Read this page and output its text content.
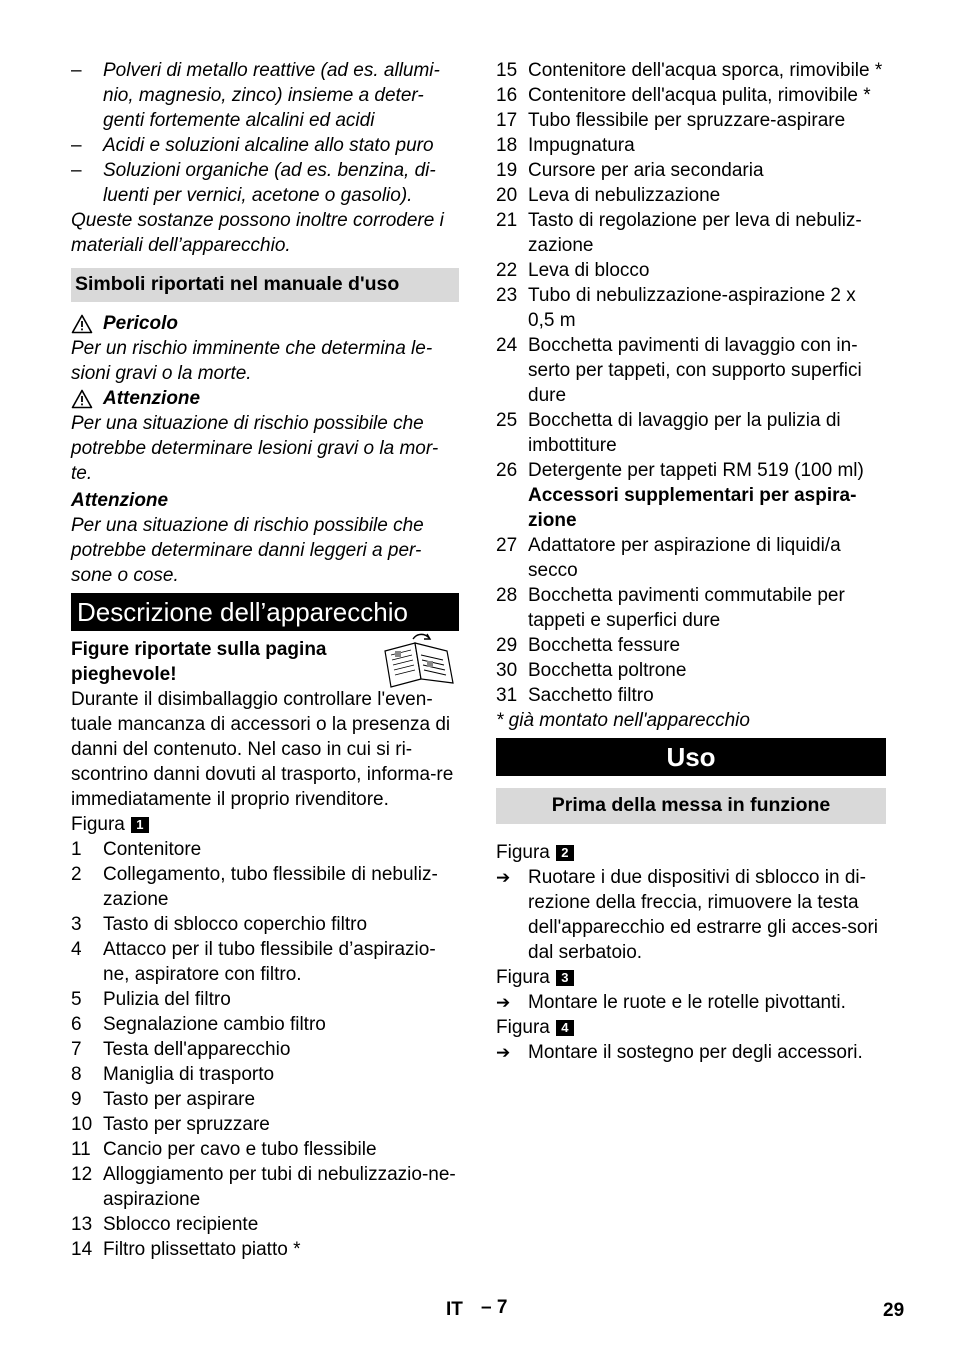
–	Polveri di metallo reattive (ad es. allumi-nio, magnesio, zinco) insieme a deter-genti fortemente alcalini ed acidi
–	Acidi e soluzioni alcaline allo stato puro
–	Soluzioni organiche (ad es. benzina, di-luenti per vernici, acetone o gasolio).

Queste sostanze possono inoltre corrodere i materiali dell’apparecchio.

Simboli riportati nel manuale d'uso
Pericolo

Per un rischio imminente che determina le-sioni gravi o la morte.

Attenzione

Per una situazione di rischio possibile che potrebbe determinare lesioni gravi o la mor-te.

Attenzione

Per una situazione di rischio possibile che potrebbe determinare danni leggeri a per-sone o cose.

Descrizione dell’apparecchio

Figure riportate sulla pagina pieghevole!

Durante il disimballaggio controllare l'even-tuale mancanza di accessori o la presenza di danni del contenuto. Nel caso in cui si ri-scontrino danni dovuti al trasporto, informa-re immediatamente il proprio rivenditore.

Figura 1

1	Contenitore
2	Collegamento, tubo flessibile di nebuliz-zazione
3	Tasto di sblocco coperchio filtro
4	Attacco per il tubo flessibile d’aspirazio-ne, aspiratore con filtro.
5	Pulizia del filtro
6	Segnalazione cambio filtro
7	Testa dell'apparecchio
8	Maniglia di trasporto
9	Tasto per aspirare
10 Tasto per spruzzare
11 Cancio per cavo e tubo flessibile
12 Alloggiamento per tubi di nebulizzazio-ne-aspirazione
13 Sblocco recipiente
14 Filtro plissettato piatto *
15 Contenitore dell'acqua sporca, rimovibile *
16 Contenitore dell'acqua pulita, rimovibile *
17 Tubo flessibile per spruzzare-aspirare
18 Impugnatura
19 Cursore per aria secondaria
20 Leva di nebulizzazione
21 Tasto di regolazione per leva di nebuliz-zazione
22 Leva di blocco
23 Tubo di nebulizzazione-aspirazione 2 x 0,5 m
24 Bocchetta pavimenti di lavaggio con in-serto per tappeti, con supporto superfici dure
25 Bocchetta di lavaggio per la pulizia di imbottiture
26 Detergente per tappeti RM 519 (100 ml)
Accessori supplementari per aspira-zione
27 Adattatore per aspirazione di liquidi/a secco
28 Bocchetta pavimenti commutabile per tappeti e superfici dure
29 Bocchetta fessure
30 Bocchetta poltrone
31 Sacchetto filtro

* già montato nell'apparecchio

Uso
Prima della messa in funzione

Figura 2

➔ Ruotare i due dispositivi di sblocco in di-rezione della freccia, rimuovere la testa dell'apparecchio ed estrarre gli acces-sori dal serbatoio.

Figura 3

➔ Montare le ruote e le rotelle pivottanti.

Figura 4

➔ Montare il sostegno per degli accessori.
IT – 7	29
